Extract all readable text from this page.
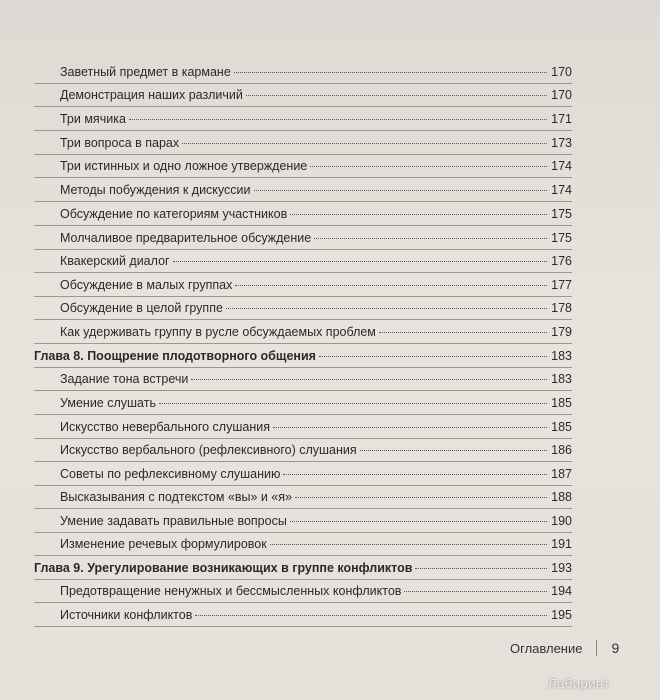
Заветный предмет в кармане	170
Демонстрация наших различий	170
Три мячика	171
Три вопроса в парах	173
Три истинных и одно ложное утверждение	174
Методы побуждения к дискуссии	174
Обсуждение по категориям участников	175
Молчаливое предварительное обсуждение	175
Квакерский диалог	176
Обсуждение в малых группах	177
Обсуждение в целой группе	178
Как удерживать группу в русле обсуждаемых проблем	179
Глава 8. Поощрение плодотворного общения	183
Задание тона встречи	183
Умение слушать	185
Искусство невербального слушания	185
Искусство вербального (рефлексивного) слушания	186
Советы по рефлексивному слушанию	187
Высказывания с подтекстом «вы» и «я»	188
Умение задавать правильные вопросы	190
Изменение речевых формулировок	191
Глава 9. Урегулирование возникающих в группе конфликтов	193
Предотвращение ненужных и бессмысленных конфликтов	194
Источники конфликтов	195
Оглавление 9
Лабиринт
